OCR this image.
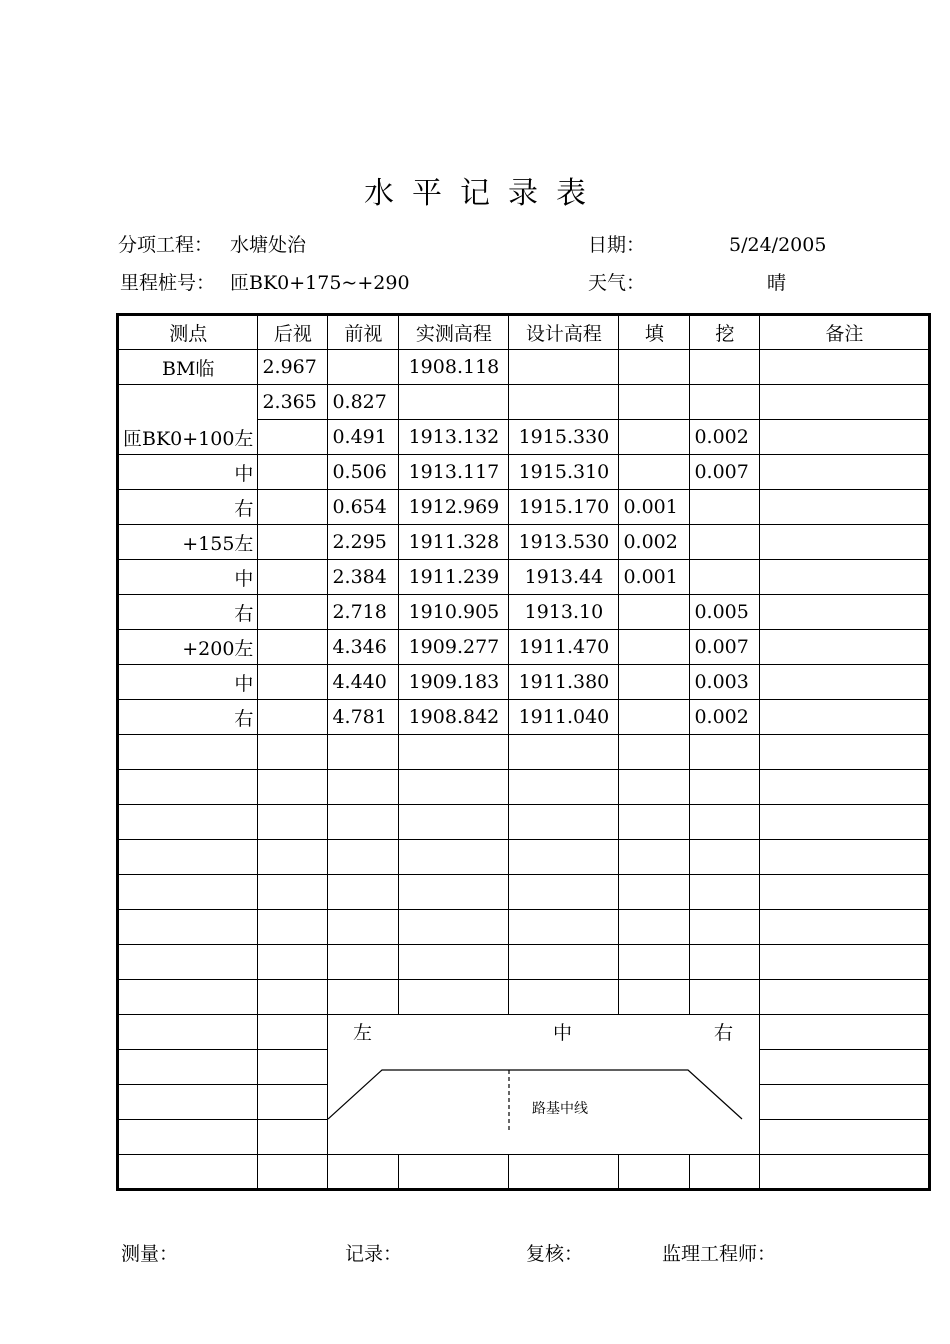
水平记录表
分项工程： 水塘处治	日期：	5/24/2005
里程桩号： 匝BK0+175~+290	天气：	晴
测点	后视	前视	实测高程	设计高程	填	挖	备注
BM临	2.967		1908.118				
	2.365	0.827					
匝BK0+100左		0.491	1913.132	1915.330		0.002	
中		0.506	1913.117	1915.310		0.007	
右		0.654	1912.969	1915.170	0.001		
+155左		2.295	1911.328	1913.530	0.002		
中		2.384	1911.239	1913.44	0.001		
右		2.718	1910.905	1913.10		0.005	
+200左		4.346	1909.277	1911.470		0.007	
中		4.440	1909.183	1911.380		0.003	
右		4.781	1908.842	1911.040		0.002	

左 中 右
路基中线					

测量：	记录：	复核：	监理工程师：
